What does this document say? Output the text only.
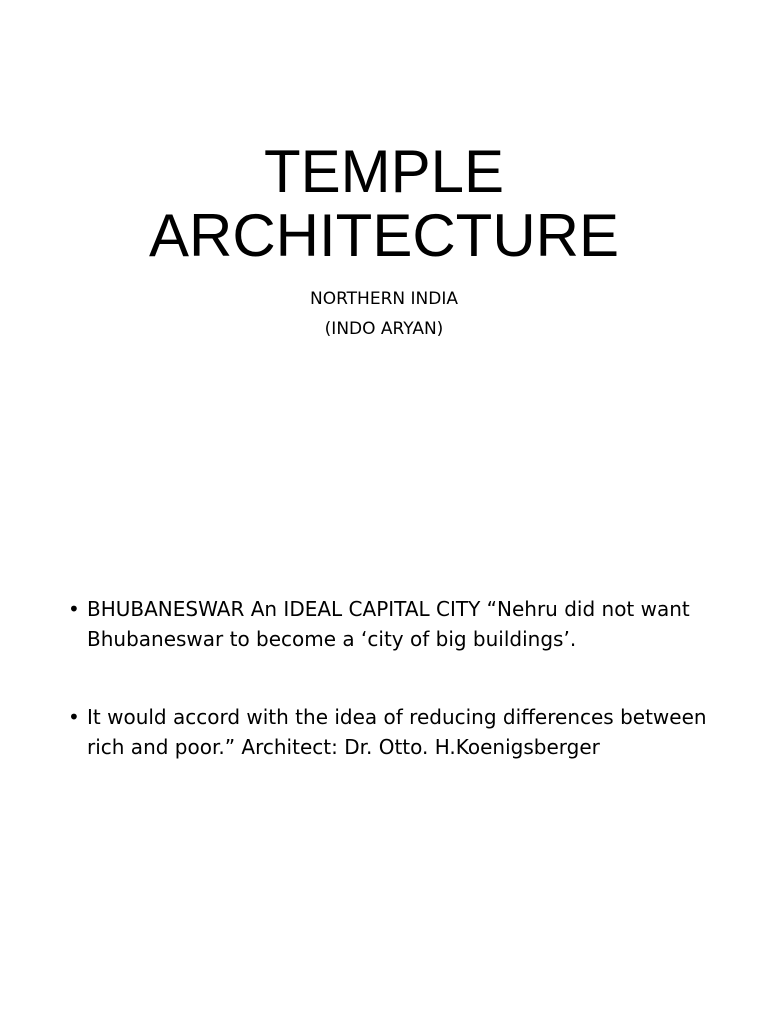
TEMPLE
ARCHITECTURE
NORTHERN INDIA
(INDO ARYAN)
• BHUBANESWAR An IDEAL CAPITAL CITY “Nehru did not want Bhubaneswar to become a ‘city of big buildings’.
• It would accord with the idea of reducing differences between rich and poor.” Architect: Dr. Otto. H.Koenigsberger
